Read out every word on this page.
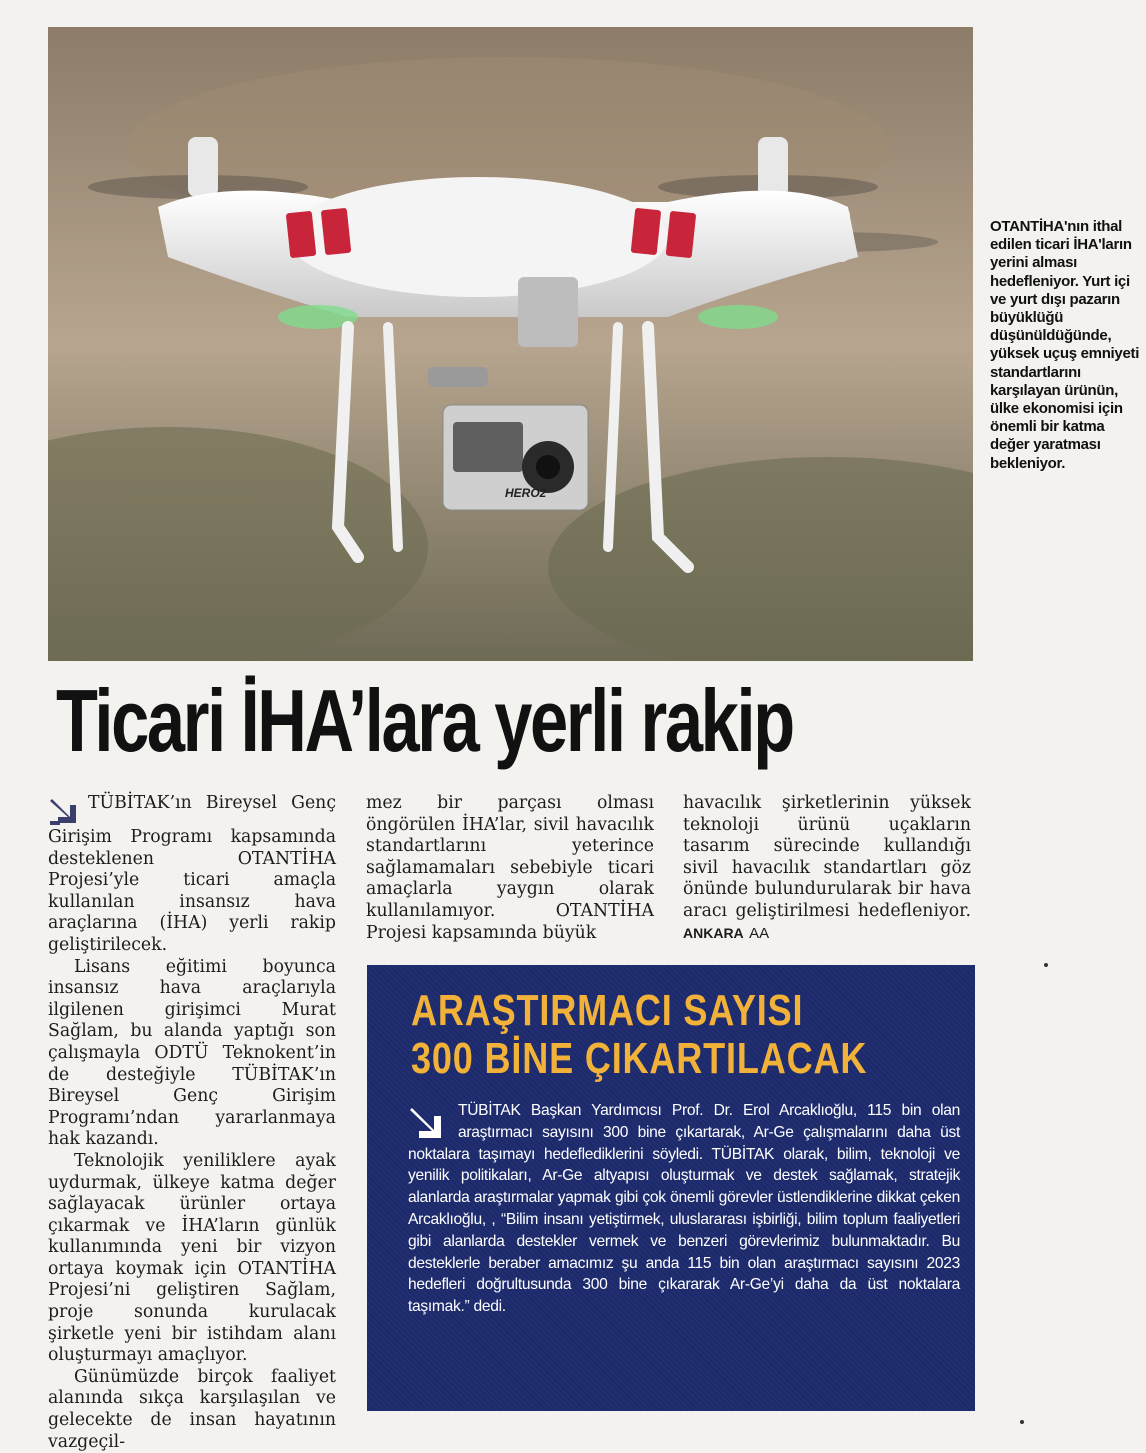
HERO2
OTANTİHA'nın ithal edilen ticari İHA'ların yerini alması hedefleniyor. Yurt içi ve yurt dışı pazarın büyüklüğü düşünüldüğünde, yüksek uçuş emniyeti standartlarını karşılayan ürünün, ülke ekonomisi için önemli bir katma değer yaratması bekleniyor.
Ticari İHA’lara yerli rakip

TÜBİTAK’ın Bireysel Genç Girişim Programı kapsamında desteklenen OTANTİHA Projesi’yle ticari amaçla kullanılan insansız hava araçlarına (İHA) yerli rakip geliştirilecek.

Lisans eğitimi boyunca insansız hava araçlarıyla ilgilenen girişimci Murat Sağlam, bu alanda yaptığı son çalışmayla ODTÜ Teknokent’in de desteğiyle TÜBİTAK’ın Bireysel Genç Girişim Programı’ndan yararlanmaya hak kazandı.

Teknolojik yeniliklere ayak uydurmak, ülkeye katma değer sağlayacak ürünler ortaya çıkarmak ve İHA’ların günlük kullanımında yeni bir vizyon ortaya koymak için OTANTİHA Projesi’ni geliştiren Sağlam, proje sonunda kurulacak şirketle yeni bir istihdam alanı oluşturmayı amaçlıyor.

Günümüzde birçok faaliyet alanında sıkça karşılaşılan ve gelecekte de insan hayatının vazgeçil-

mez bir parçası olması öngörülen İHA’lar, sivil havacılık standartlarını yeterince sağlamamaları sebebiyle ticari amaçlarla yaygın olarak kullanılamıyor. OTANTİHA Projesi kapsamında büyük

havacılık şirketlerinin yüksek teknoloji ürünü uçakların tasarım sürecinde kullandığı sivil havacılık standartları göz önünde bulundurularak bir hava aracı geliştirilmesi hedefleniyor. ANKARA AA

ARAŞTIRMACI SAYISI
300 BİNE ÇIKARTILACAK
TÜBİTAK Başkan Yardımcısı Prof. Dr. Erol Arcaklıoğlu, 115 bin olan araştırmacı sayısını 300 bine çıkartarak, Ar-Ge çalışmalarını daha üst noktalara taşımayı hedeflediklerini söyledi. TÜBİTAK olarak, bilim, teknoloji ve yenilik politikaları, Ar-Ge altyapısı oluşturmak ve destek sağlamak, stratejik alanlarda araştırmalar yapmak gibi çok önemli görevler üstlendiklerine dikkat çeken Arcaklıoğlu, , “Bilim insanı yetiştirmek, uluslararası işbirliği, bilim toplum faaliyetleri gibi alanlarda destekler vermek ve benzeri görevlerimiz bulunmaktadır. Bu desteklerle beraber amacımız şu anda 115 bin olan araştırmacı sayısını 2023 hedefleri doğrultusunda 300 bine çıkararak Ar-Ge’yi daha da üst noktalara taşımak.” dedi.
